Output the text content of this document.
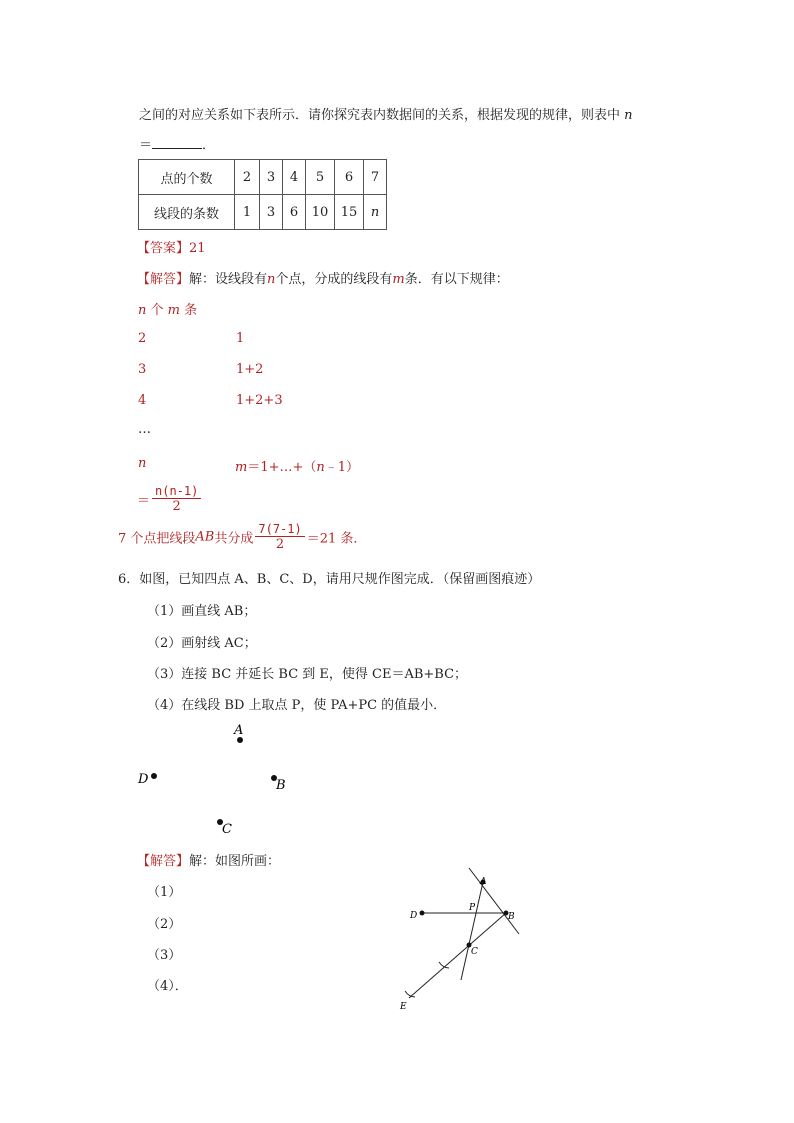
之间的对应关系如下表所示．请你探究表内数据间的关系，根据发现的规律，则表中 n
＝	．
点的个数	2	3	4	5	6	7
线段的条数	1	3	6	10	15	n
【答案】21
【解答】解：设线段有n个点，分成的线段有m条．有以下规律：
n 个 m 条
2	1
3	1+2
4	1+2+3
…
n	m＝1+…+（n﹣1）
＝ $\frac{n(n-1)}{2}$
7 个点把线段AB共分成 $\frac{7(7-1)}{2} =21$ 条．
6．如图，已知四点 A、B、C、D，请用尺规作图完成．（保留画图痕迹）
（1）画直线 AB；
（2）画射线 AC；
（3）连接 BC 并延长 BC 到 E，使得 CE＝AB+BC；
（4）在线段 BD 上取点 P，使 PA+PC 的值最小．
A
D	B
C
【解答】解：如图所画：
（1）
（2）
（3）
（4）．
A
D	B
P
C
E
